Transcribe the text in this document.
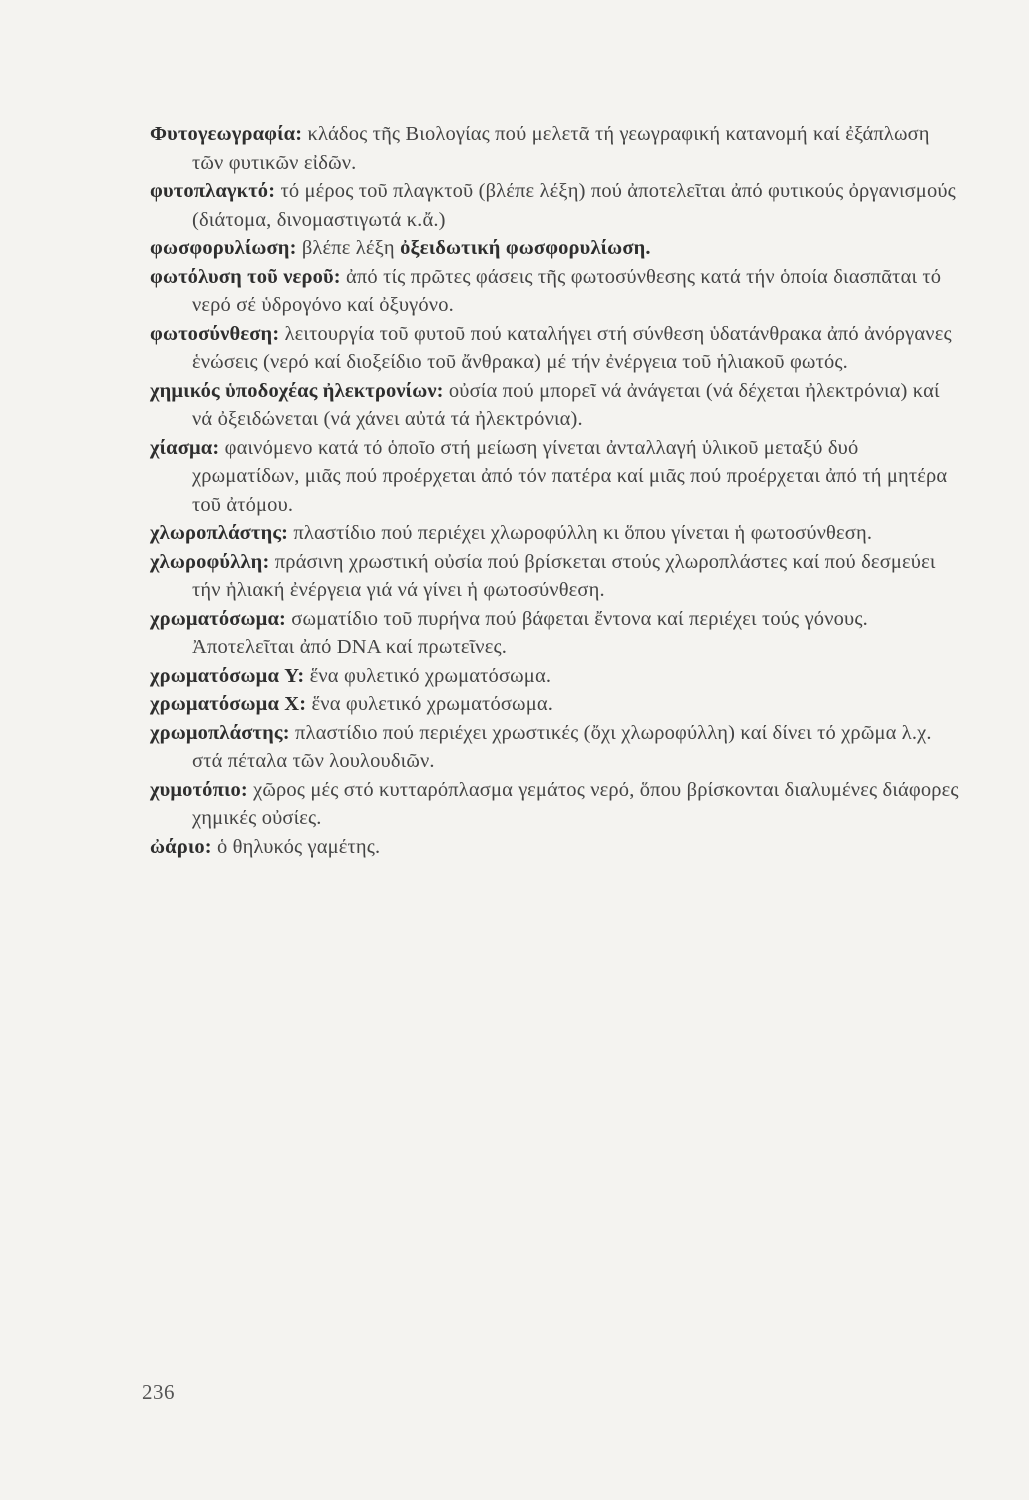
Φυτογεωγραφία: κλάδος τῆς Βιολογίας πού μελετᾶ τή γεωγραφική κατανομή καί ἐξάπλωση τῶν φυτικῶν εἰδῶν.

φυτοπλαγκτό: τό μέρος τοῦ πλαγκτοῦ (βλέπε λέξη) πού ἀποτελεῖται ἀπό φυτικούς ὀργανισμούς (διάτομα, δινομαστιγωτά κ.ἄ.)

φωσφορυλίωση: βλέπε λέξη ὀξειδωτική φωσφορυλίωση.

φωτόλυση τοῦ νεροῦ: ἀπό τίς πρῶτες φάσεις τῆς φωτοσύνθεσης κατά τήν ὁποία διασπᾶται τό νερό σέ ὑδρογόνο καί ὀξυγόνο.

φωτοσύνθεση: λειτουργία τοῦ φυτοῦ πού καταλήγει στή σύνθεση ὑδατάνθρακα ἀπό ἀνόργανες ἑνώσεις (νερό καί διοξείδιο τοῦ ἄνθρακα) μέ τήν ἐνέργεια τοῦ ἡλιακοῦ φωτός.

χημικός ὑποδοχέας ἠλεκτρονίων: οὐσία πού μπορεῖ νά ἀνάγεται (νά δέχεται ἠλεκτρόνια) καί νά ὀξειδώνεται (νά χάνει αὐτά τά ἠλεκτρόνια).

χίασμα: φαινόμενο κατά τό ὁποῖο στή μείωση γίνεται ἀνταλλαγή ὑλικοῦ μεταξύ δυό χρωματίδων, μιᾶς πού προέρχεται ἀπό τόν πατέρα καί μιᾶς πού προέρχεται ἀπό τή μητέρα τοῦ ἀτόμου.

χλωροπλάστης: πλαστίδιο πού περιέχει χλωροφύλλη κι ὅπου γίνεται ἡ φωτοσύνθεση.

χλωροφύλλη: πράσινη χρωστική οὐσία πού βρίσκεται στούς χλωροπλάστες καί πού δεσμεύει τήν ἡλιακή ἐνέργεια γιά νά γίνει ἡ φωτοσύνθεση.

χρωματόσωμα: σωματίδιο τοῦ πυρήνα πού βάφεται ἔντονα καί περιέχει τούς γόνους. Ἀποτελεῖται ἀπό DNA καί πρωτεῖνες.

χρωματόσωμα Y: ἕνα φυλετικό χρωματόσωμα.

χρωματόσωμα X: ἕνα φυλετικό χρωματόσωμα.

χρωμοπλάστης: πλαστίδιο πού περιέχει χρωστικές (ὄχι χλωροφύλλη) καί δίνει τό χρῶμα λ.χ. στά πέταλα τῶν λουλουδιῶν.

χυμοτόπιο: χῶρος μές στό κυτταρόπλασμα γεμάτος νερό, ὅπου βρίσκονται διαλυμένες διάφορες χημικές οὐσίες.

ὠάριο: ὁ θηλυκός γαμέτης.

236
